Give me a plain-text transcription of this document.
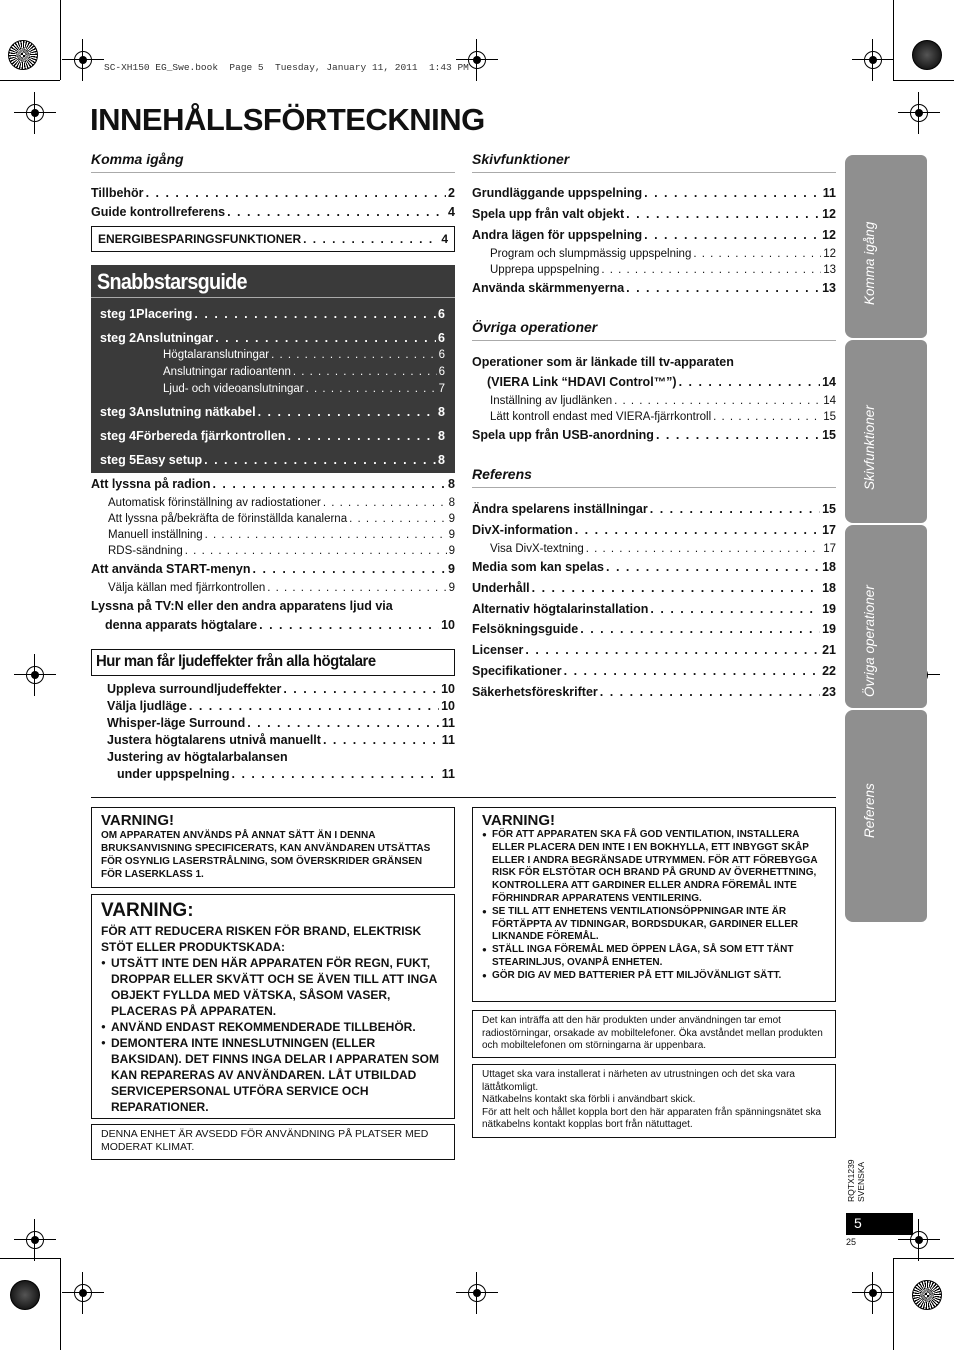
SC-XH150 EG_Swe.book  Page 5  Tuesday, January 11, 2011  1:43 PM
INNEHÅLLSFÖRTECKNING
Komma igång
Tillbehör . . .	2
Guide kontrollreferens . . .	4
ENERGIBESPARINGSFUNKTIONER . . .	4
Snabbstarsguide
steg 1 Placering . . .	6
steg 2 Anslutningar . . .	6
Högtalaranslutningar . . .	6
Anslutningar radioantenn . . .	6
Ljud- och videoanslutningar . . .	7
steg 3 Anslutning nätkabel . . .	8
steg 4 Förbereda fjärrkontrollen . . .	8
steg 5 Easy setup . . .	8
Att lyssna på radion . . .	8
Automatisk förinställning av radiostationer . . .	8
Att lyssna på/bekräfta de förinställda kanalerna . . .	9
Manuell inställning . . .	9
RDS-sändning . . .	9
Att använda START-menyn . . .	9
Välja källan med fjärrkontrollen . . .	9
Lyssna på TV:N eller den andra apparatens ljud via
denna apparats högtalare . . .	10
Hur man får ljudeffekter från alla högtalare
Uppleva surroundljudeffekter . . .	10
Välja ljudläge . . .	10
Whisper-läge Surround . . .	11
Justera högtalarens utnivå manuellt . . .	11
Justering av högtalarbalansen
under uppspelning . . .	11
Skivfunktioner
Grundläggande uppspelning . . .	11
Spela upp från valt objekt . . .	12
Andra lägen för uppspelning . . .	12
Program och slumpmässig uppspelning . . .	12
Upprepa uppspelning . . .	13
Använda skärmmenyerna . . .	13
Övriga operationer
Operationer som är länkade till tv-apparaten
(VIERA Link “HDAVI Control™”) . . .	14
Inställning av ljudlänken . . .	14
Lätt kontroll endast med VIERA-fjärrkontroll . . .	15
Spela upp från USB-anordning . . .	15
Referens
Ändra spelarens inställningar . . .	15
DivX-information . . .	17
Visa DivX-textning . . .	17
Media som kan spelas . . .	18
Underhåll . . .	18
Alternativ högtalarinstallation . . .	19
Felsökningsguide . . .	19
Licenser . . .	21
Specifikationer . . .	22
Säkerhetsföreskrifter . . .	23
Komma igång
Skivfunktioner
Övriga operationer
Referens
VARNING!
OM APPARATEN ANVÄNDS PÅ ANNAT SÄTT ÄN I DENNA BRUKSANVISNING SPECIFICERATS, KAN ANVÄNDAREN UTSÄTTAS FÖR OSYNLIG LASERSTRÅLNING, SOM ÖVERSKRIDER GRÄNSEN FÖR LASERKLASS 1.
VARNING:
FÖR ATT REDUCERA RISKEN FÖR BRAND, ELEKTRISK STÖT ELLER PRODUKTSKADA:
● UTSÄTT INTE DEN HÄR APPARATEN FÖR REGN, FUKT, DROPPAR ELLER SKVÄTT OCH SE ÄVEN TILL ATT INGA OBJEKT FYLLDA MED VÄTSKA, SÅSOM VASER, PLACERAS PÅ APPARATEN.
● ANVÄND ENDAST REKOMMENDERADE TILLBEHÖR.
● DEMONTERA INTE INNESLUTNINGEN (ELLER BAKSIDAN). DET FINNS INGA DELAR I APPARATEN SOM KAN REPARERAS AV ANVÄNDAREN. LÅT UTBILDAD SERVICEPERSONAL UTFÖRA SERVICE OCH REPARATIONER.
DENNA ENHET ÄR AVSEDD FÖR ANVÄNDNING PÅ PLATSER MED MODERAT KLIMAT.
VARNING!
● FÖR ATT APPARATEN SKA FÅ GOD VENTILATION, INSTALLERA ELLER PLACERA DEN INTE I EN BOKHYLLA, ETT INBYGGT SKÅP ELLER I ANDRA BEGRÄNSADE UTRYMMEN. FÖR ATT FÖREBYGGA RISK FÖR ELSTÖTAR OCH BRAND PÅ GRUND AV ÖVERHETTNING, KONTROLLERA ATT GARDINER ELLER ANDRA FÖREMÅL INTE FÖRHINDRAR APPARATENS VENTILERING.
● SE TILL ATT ENHETENS VENTILATIONSÖPPNINGAR INTE ÄR FÖRTÄPPTA AV TIDNINGAR, BORDSDUKAR, GARDINER ELLER LIKNANDE FÖREMÅL.
● STÄLL INGA FÖREMÅL MED ÖPPEN LÅGA, SÅ SOM ETT TÄNT STEARINLJUS, OVANPÅ ENHETEN.
● GÖR DIG AV MED BATTERIER PÅ ETT MILJÖVÄNLIGT SÄTT.
Det kan inträffa att den här produkten under användningen tar emot radiostörningar, orsakade av mobiltelefoner. Öka avståndet mellan produkten och mobiltelefonen om störningarna är uppenbara.
Uttaget ska vara installerat i närheten av utrustningen och det ska vara lättåtkomligt.
Nätkabelns kontakt ska förbli i användbart skick.
För att helt och hållet koppla bort den här apparaten från spänningsnätet ska nätkabelns kontakt kopplas bort från nätuttaget.
RQTX1239 SVENSKA
5
25
